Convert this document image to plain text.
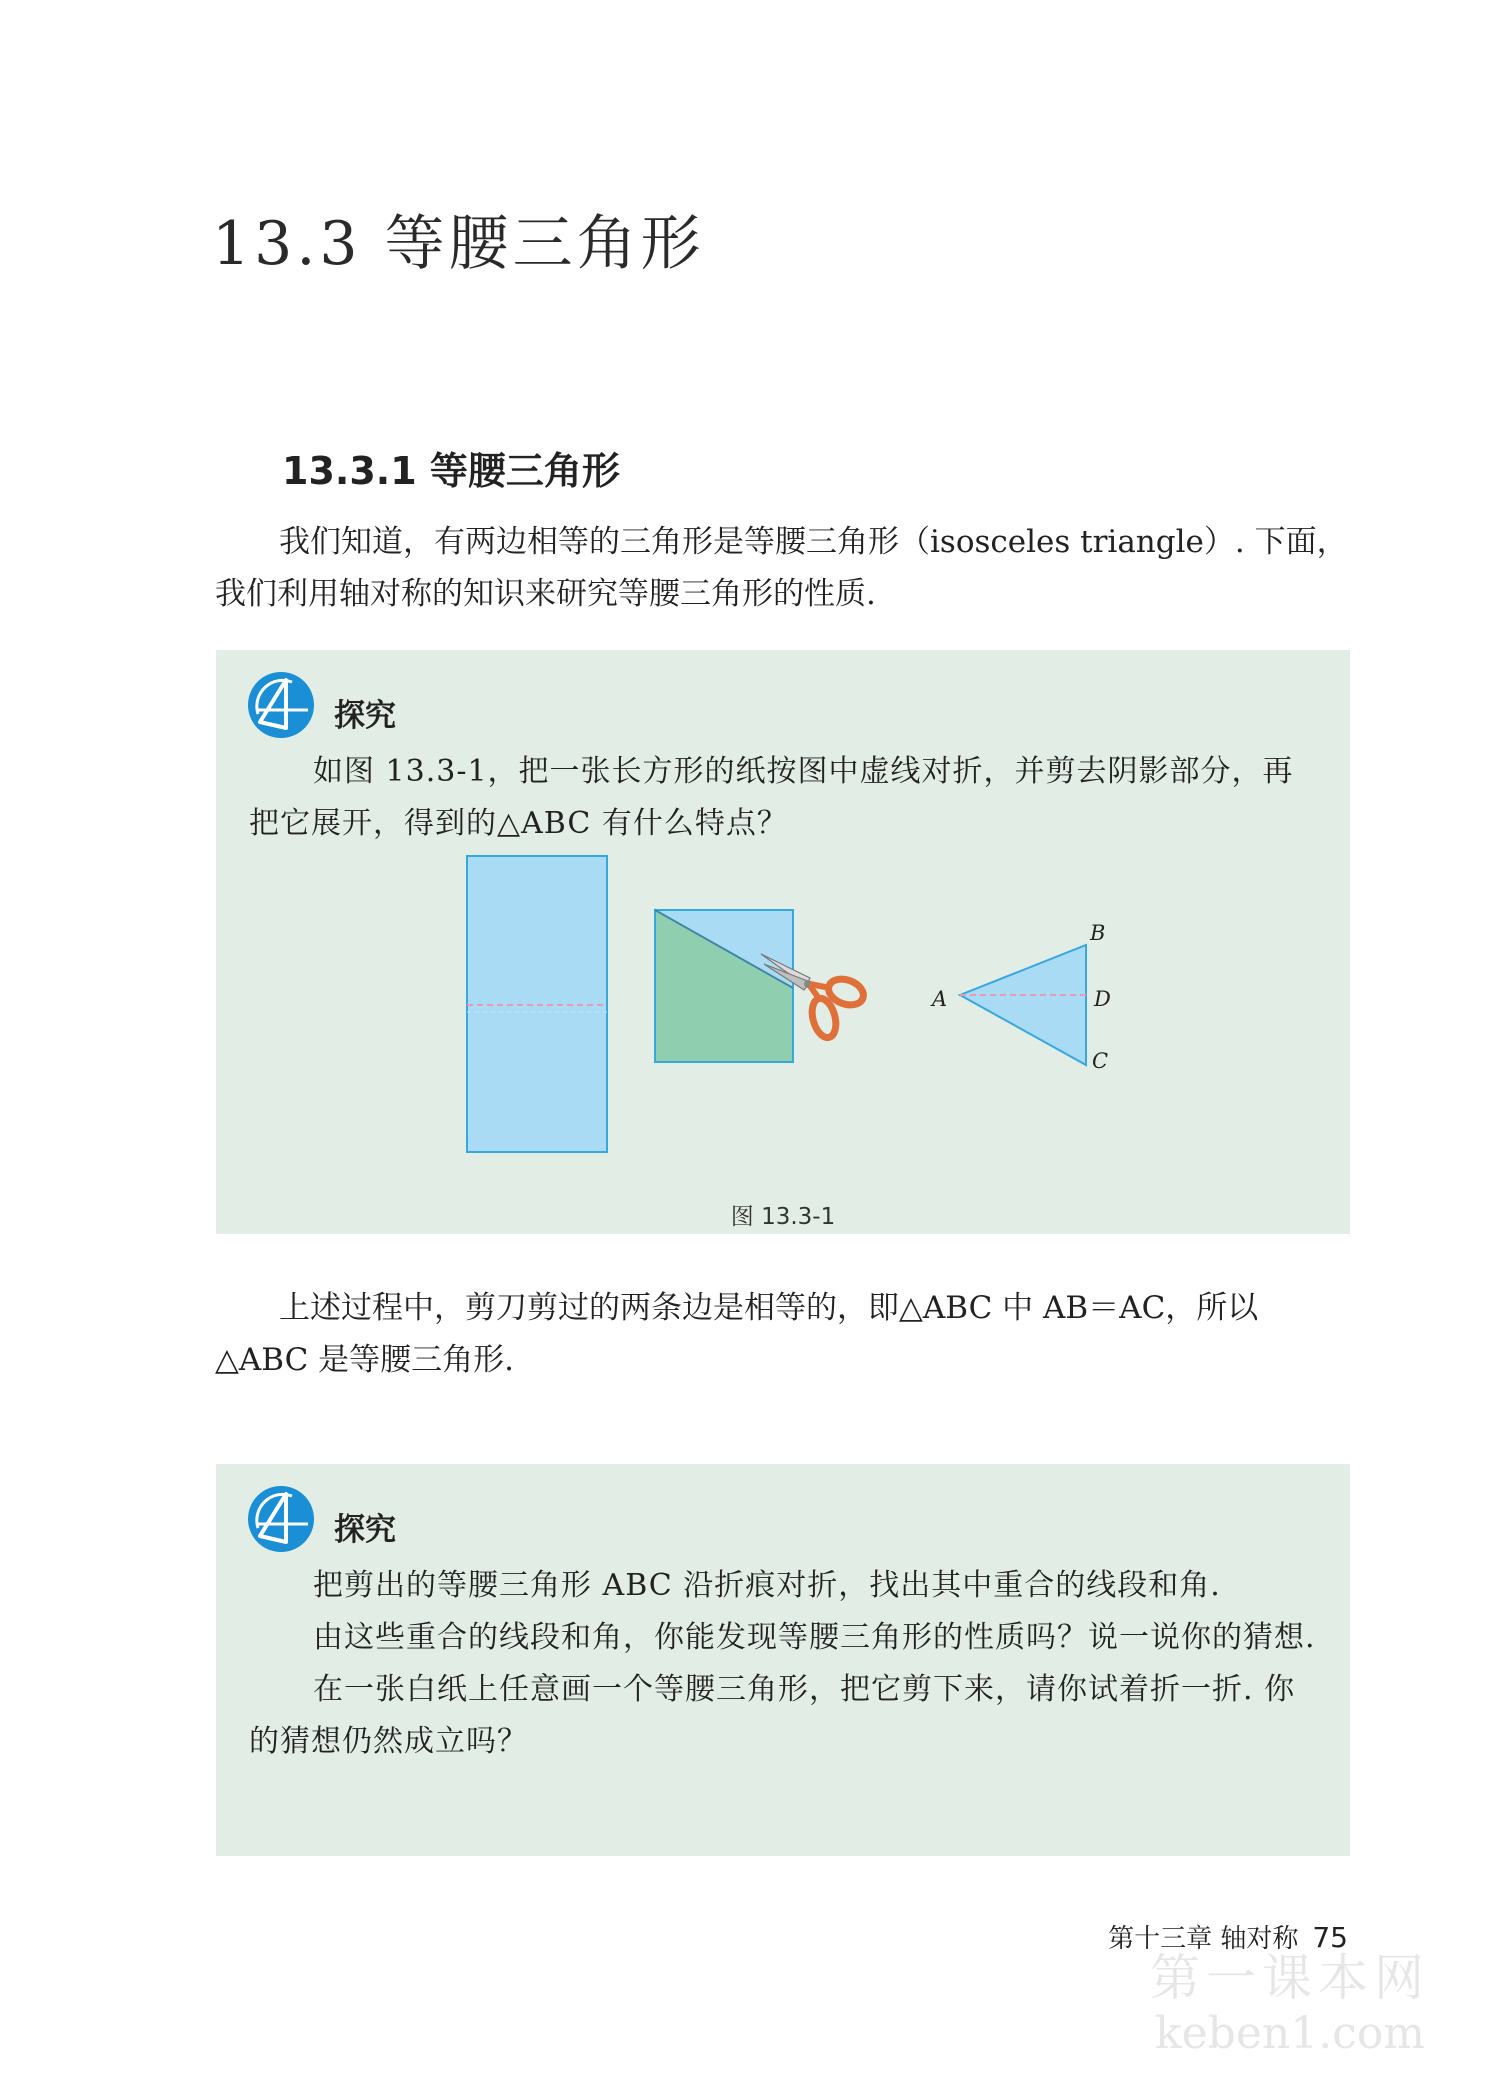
13.3 等腰三角形
13.3.1 等腰三角形

我们知道，有两边相等的三角形是等腰三角形（isosceles triangle）. 下面，我们利用轴对称的知识来研究等腰三角形的性质.

探究

如图 13.3-1，把一张长方形的纸按图中虚线对折，并剪去阴影部分，再把它展开，得到的△ABC 有什么特点？

A
B
D
C
图 13.3-1

上述过程中，剪刀剪过的两条边是相等的，即△ABC 中 AB＝AC，所以△ABC 是等腰三角形.

探究

把剪出的等腰三角形 ABC 沿折痕对折，找出其中重合的线段和角.

由这些重合的线段和角，你能发现等腰三角形的性质吗？说一说你的猜想.

在一张白纸上任意画一个等腰三角形，把它剪下来，请你试着折一折. 你的猜想仍然成立吗？

第十三章 轴对称 75
第一课本网
keben1.com
